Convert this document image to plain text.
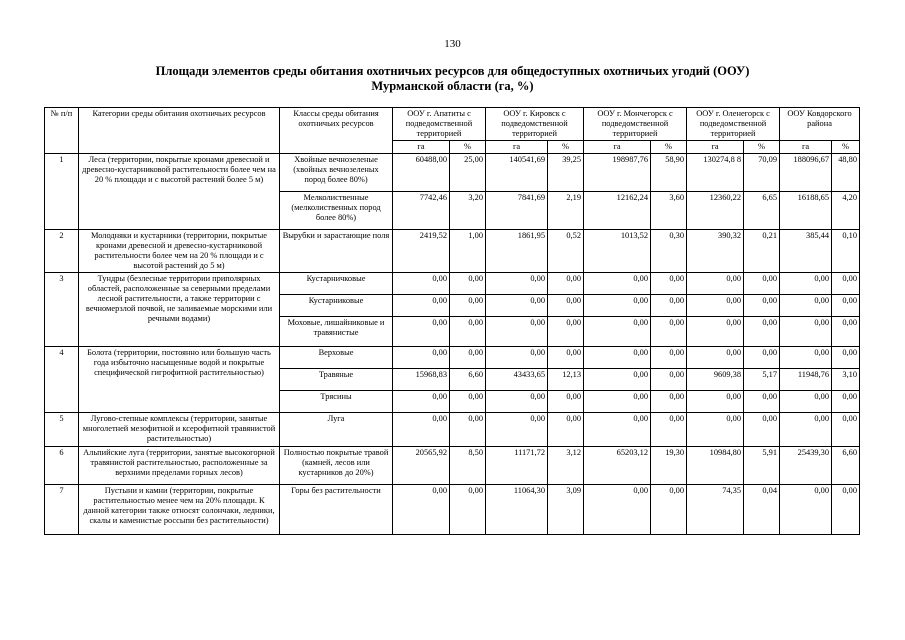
130
Площади элементов среды обитания охотничьих ресурсов для общедоступных охотничьих угодий (ООУ)
Мурманской области (га, %)
№ п/п	Категории среды обитания охотничьих ресурсов	Классы среды обитания охотничьих ресурсов	ООУ г. Апатиты с подведомственной территорией		ООУ г. Кировск с подведомственной территорией		ООУ г. Мончегорск с подведомственной территорией		ООУ г. Оленегорск с подведомственной территорией		ООУ Ковдорского района	
			га	%	га	%	га	%	га	%	га	%
1	Леса (территории, покрытые кронами древесной и древесно-кустарниковой растительности более чем на 20 % площади и с высотой растений более 5 м)	Хвойные вечнозеленые (хвойных вечнозеленых пород более 80%)	60488,00	25,00	140541,69	39,25	198987,76	58,90	130274,8 8	70,09	188096,67	48,80
		Мелколиственные (мелколиственных пород более 80%)	7742,46	3,20	7841,69	2,19	12162,24	3,60	12360,22	6,65	16188,65	4,20
2	Молодняки и кустарники (территории, покрытые кронами древесной и древесно-кустарниковой растительности более чем на 20 % площади и с высотой растений до 5 м)	Вырубки и зарастающие поля	2419,52	1,00	1861,95	0,52	1013,52	0,30	390,32	0,21	385,44	0,10
3	Тундры (безлесные территории приполярных областей, расположенные за северными пределами лесной растительности, а также территории с вечномерзлой почвой, не заливаемые морскими или речными водами)	Кустарничковые	0,00	0,00	0,00	0,00	0,00	0,00	0,00	0,00	0,00	0,00
		Кустарниковые	0,00	0,00	0,00	0,00	0,00	0,00	0,00	0,00	0,00	0,00
		Моховые, лишайниковые и травянистые	0,00	0,00	0,00	0,00	0,00	0,00	0,00	0,00	0,00	0,00
4	Болота (территории, постоянно или большую часть года избыточно насыщенные водой и покрытые специфической гигрофитной растительностью)	Верховые	0,00	0,00	0,00	0,00	0,00	0,00	0,00	0,00	0,00	0,00
		Травяные	15968,83	6,60	43433,65	12,13	0,00	0,00	9609,38	5,17	11948,76	3,10
		Трясины	0,00	0,00	0,00	0,00	0,00	0,00	0,00	0,00	0,00	0,00
5	Лугово-степные комплексы (территории, занятые многолетней мезофитной и ксерофитной травянистой растительностью)	Луга	0,00	0,00	0,00	0,00	0,00	0,00	0,00	0,00	0,00	0,00
6	Альпийские луга (территории, занятые высокогорной травянистой растительностью, расположенные за верхними пределами горных лесов)	Полностью покрытые травой (камней, лесов или кустарников до 20%)	20565,92	8,50	11171,72	3,12	65203,12	19,30	10984,80	5,91	25439,30	6,60
7	Пустыни и камни (территории, покрытые растительностью менее чем на 20% площади. К данной категории также относят солончаки, ледники, скалы и каменистые россыпи без растительности)	Горы без растительности	0,00	0,00	11064,30	3,09	0,00	0,00	74,35	0,04	0,00	0,00
